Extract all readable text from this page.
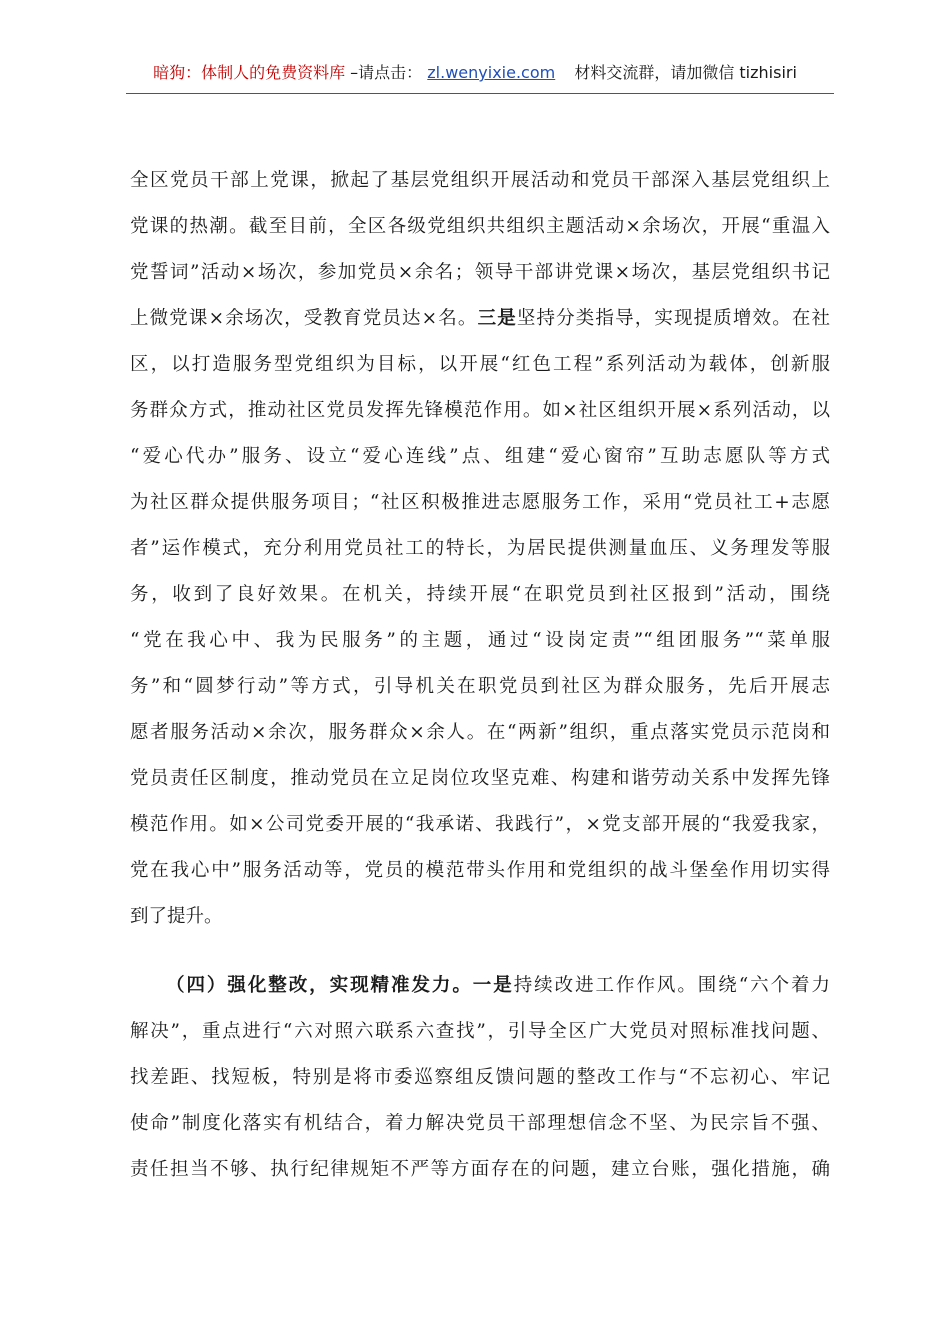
暗狗：体制人的免费资料库 –请点击： zl.wenyixie.com 材料交流群，请加微信 tizhisiri
全区党员干部上党课，掀起了基层党组织开展活动和党员干部深入基层党组织上
党课的热潮。截至目前，全区各级党组织共组织主题活动×余场次，开展“重温入
党誓词”活动×场次，参加党员×余名；领导干部讲党课×场次，基层党组织书记
上微党课×余场次，受教育党员达×名。三是坚持分类指导，实现提质增效。在社
区，以打造服务型党组织为目标，以开展“红色工程”系列活动为载体，创新服
务群众方式，推动社区党员发挥先锋模范作用。如×社区组织开展×系列活动，以
“爱心代办”服务、设立“爱心连线”点、组建“爱心窗帘”互助志愿队等方式
为社区群众提供服务项目；“社区积极推进志愿服务工作，采用“党员社工+志愿
者”运作模式，充分利用党员社工的特长，为居民提供测量血压、义务理发等服
务，收到了良好效果。在机关，持续开展“在职党员到社区报到”活动，围绕
“党在我心中、我为民服务”的主题，通过“设岗定责”“组团服务”“菜单服
务”和“圆梦行动”等方式，引导机关在职党员到社区为群众服务，先后开展志
愿者服务活动×余次，服务群众×余人。在“两新”组织，重点落实党员示范岗和
党员责任区制度，推动党员在立足岗位攻坚克难、构建和谐劳动关系中发挥先锋
模范作用。如×公司党委开展的“我承诺、我践行”，×党支部开展的“我爱我家，
党在我心中”服务活动等，党员的模范带头作用和党组织的战斗堡垒作用切实得
到了提升。
（四）强化整改，实现精准发力。一是持续改进工作作风。围绕“六个着力
解决”，重点进行“六对照六联系六查找”，引导全区广大党员对照标准找问题、
找差距、找短板，特别是将市委巡察组反馈问题的整改工作与“不忘初心、牢记
使命”制度化落实有机结合，着力解决党员干部理想信念不坚、为民宗旨不强、
责任担当不够、执行纪律规矩不严等方面存在的问题，建立台账，强化措施，确
